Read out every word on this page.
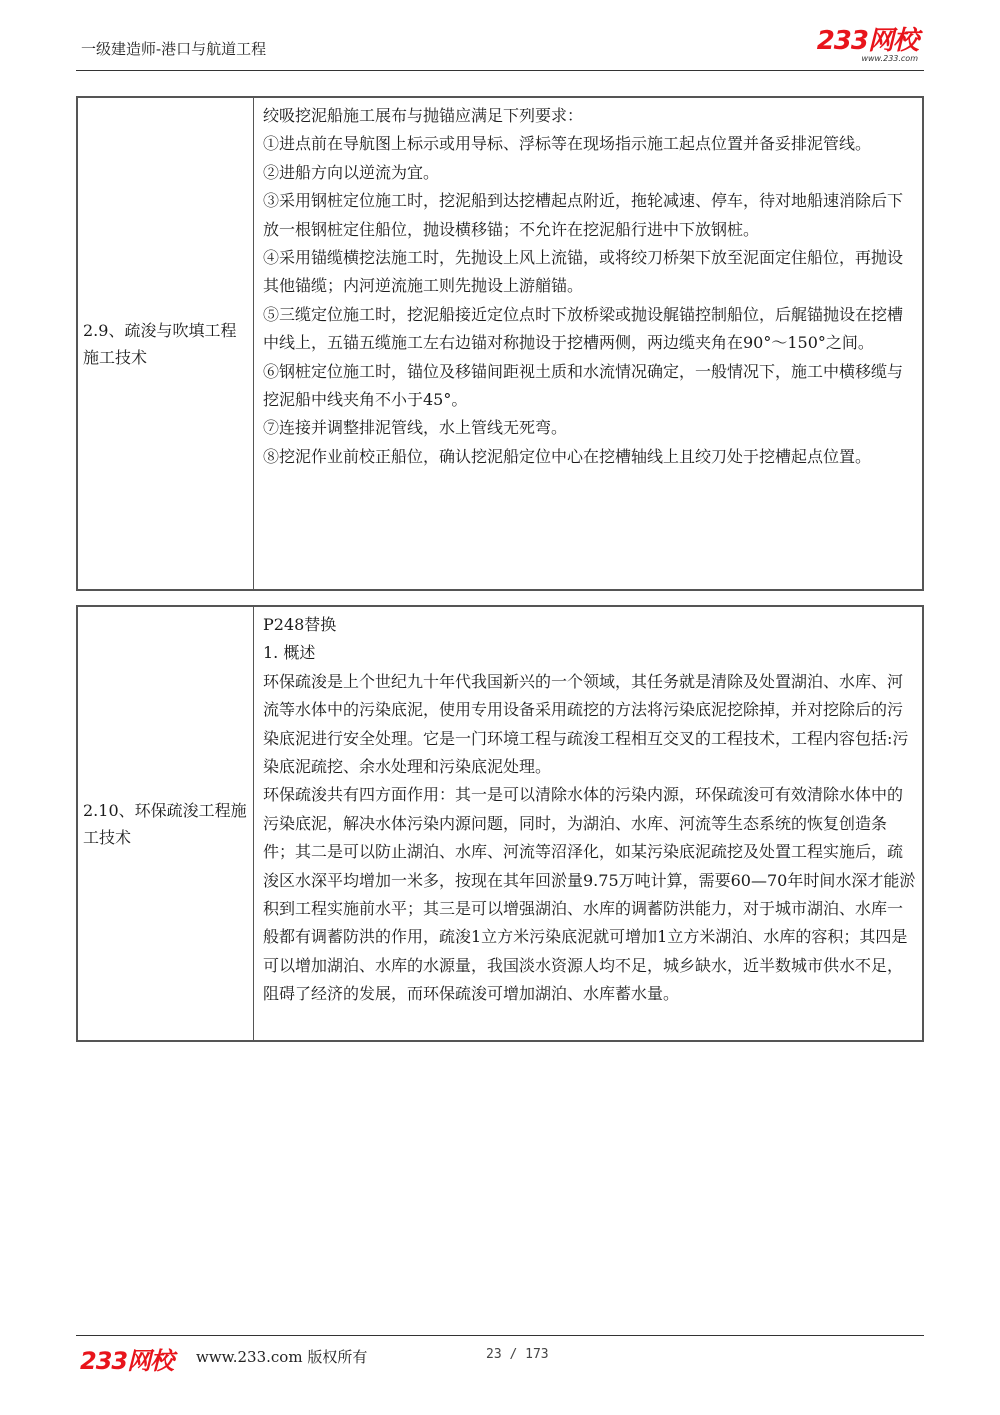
一级建造师-港口与航道工程	233网校
www.233.com
2.9、疏浚与吹填工程施工技术	

绞吸挖泥船施工展布与抛锚应满足下列要求：

①进点前在导航图上标示或用导标、浮标等在现场指示施工起点位置并备妥排泥管线。

②进船方向以逆流为宜。

③采用钢桩定位施工时，挖泥船到达挖槽起点附近，拖轮减速、停车，待对地船速消除后下放一根钢桩定住船位，抛设横移锚；不允许在挖泥船行进中下放钢桩。

④采用锚缆横挖法施工时，先抛设上风上流锚，或将绞刀桥架下放至泥面定住船位，再抛设其他锚缆；内河逆流施工则先抛设上游艏锚。

⑤三缆定位施工时，挖泥船接近定位点时下放桥梁或抛设艉锚控制船位，后艉锚抛设在挖槽中线上，五锚五缆施工左右边锚对称抛设于挖槽两侧，两边缆夹角在90°～150°之间。

⑥钢桩定位施工时，锚位及移锚间距视土质和水流情况确定，一般情况下，施工中横移缆与挖泥船中线夹角不小于45°。

⑦连接并调整排泥管线，水上管线无死弯。

⑧挖泥作业前校正船位，确认挖泥船定位中心在挖槽轴线上且绞刀处于挖槽起点位置。

2.10、环保疏浚工程施工技术	

P248替换

1. 概述

环保疏浚是上个世纪九十年代我国新兴的一个领域，其任务就是清除及处置湖泊、水库、河流等水体中的污染底泥，使用专用设备采用疏挖的方法将污染底泥挖除掉，并对挖除后的污染底泥进行安全处理。它是一门环境工程与疏浚工程相互交叉的工程技术，工程内容包括:污染底泥疏挖、余水处理和污染底泥处理。

环保疏浚共有四方面作用：其一是可以清除水体的污染内源，环保疏浚可有效清除水体中的污染底泥，解决水体污染内源问题，同时，为湖泊、水库、河流等生态系统的恢复创造条件；其二是可以防止湖泊、水库、河流等沼泽化，如某污染底泥疏挖及处置工程实施后，疏浚区水深平均增加一米多，按现在其年回淤量9.75万吨计算，需要60—70年时间水深才能淤积到工程实施前水平；其三是可以增强湖泊、水库的调蓄防洪能力，对于城市湖泊、水库一般都有调蓄防洪的作用，疏浚1立方米污染底泥就可增加1立方米湖泊、水库的容积；其四是可以增加湖泊、水库的水源量，我国淡水资源人均不足，城乡缺水，近半数城市供水不足，阻碍了经济的发展，而环保疏浚可增加湖泊、水库蓄水量。

233网校 www.233.com 版权所有	23 / 173
